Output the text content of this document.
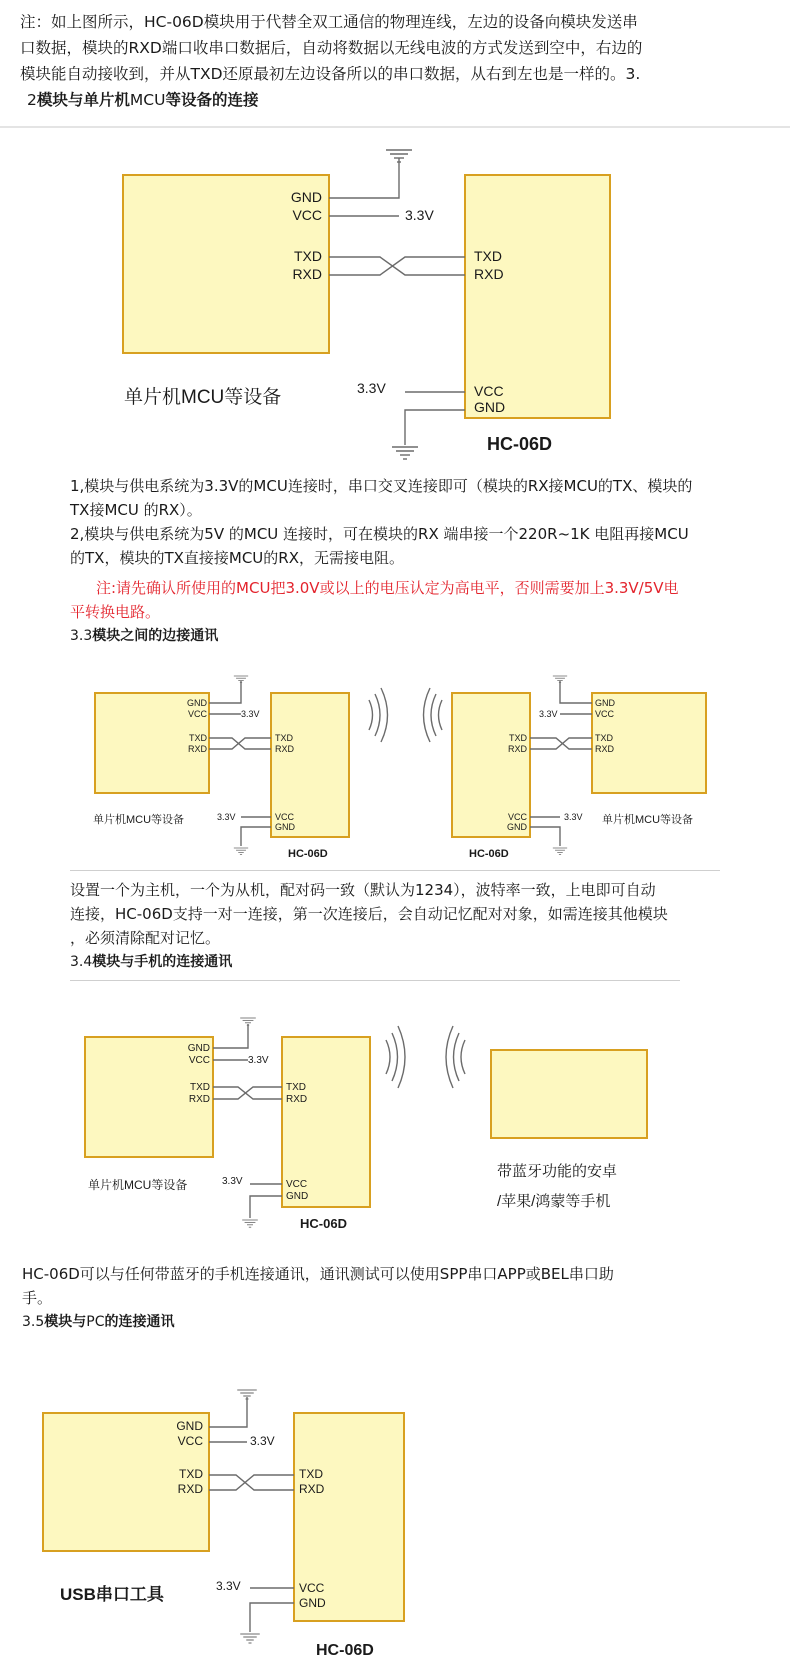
注：如上图所示，HC-06D模块用于代替全双工通信的物理连线，左边的设备向模块发送串

口数据，模块的RXD端口收串口数据后，自动将数据以无线电波的方式发送到空中，右边的

模块能自动接收到，并从TXD还原最初左边设备所以的串口数据，从右到左也是一样的。3.

2模块与单片机MCU等设备的连接

GND
VCC
TXD
RXD
TXD
RXD
VCC
GND
3.3V
3.3V
单片机MCU等设备
HC-06D
GND
VCC
TXD
RXD
TXD
RXD
VCC
GND
3.3V
3.3V
GND
VCC
TXD
RXD
TXD
RXD
VCC
GND
3.3V
3.3V
单片机MCU等设备	单片机MCU等设备
HC-06D	HC-06D
GND
VCC
TXD
RXD
TXD
RXD
VCC
GND
3.3V
3.3V
单片机MCU等设备
HC-06D
带蓝牙功能的安卓
/苹果/鸿蒙等手机
GND
VCC
TXD
RXD
TXD
RXD
VCC
GND
3.3V
3.3V
USB串口工具
HC-06D

1,模块与供电系统为3.3V的MCU连接时，串口交叉连接即可（模块的RX接MCU的TX、模块的

TX接MCU 的RX）。

2,模块与供电系统为5V 的MCU 连接时，可在模块的RX 端串接一个220R~1K 电阻再接MCU

的TX，模块的TX直接接MCU的RX，无需接电阻。

注:请先确认所使用的MCU把3.0V或以上的电压认定为高电平，否则需要加上3.3V/5V电

平转换电路。

3.3模块之间的边接通讯

设置一个为主机，一个为从机，配对码一致（默认为1234），波特率一致，上电即可自动

连接，HC-06D支持一对一连接，第一次连接后，会自动记忆配对对象，如需连接其他模块

，必须清除配对记忆。

3.4模块与手机的连接通讯

HC-06D可以与任何带蓝牙的手机连接通讯，通讯测试可以使用SPP串口APP或BEL串口助

手。

3.5模块与PC的连接通讯
